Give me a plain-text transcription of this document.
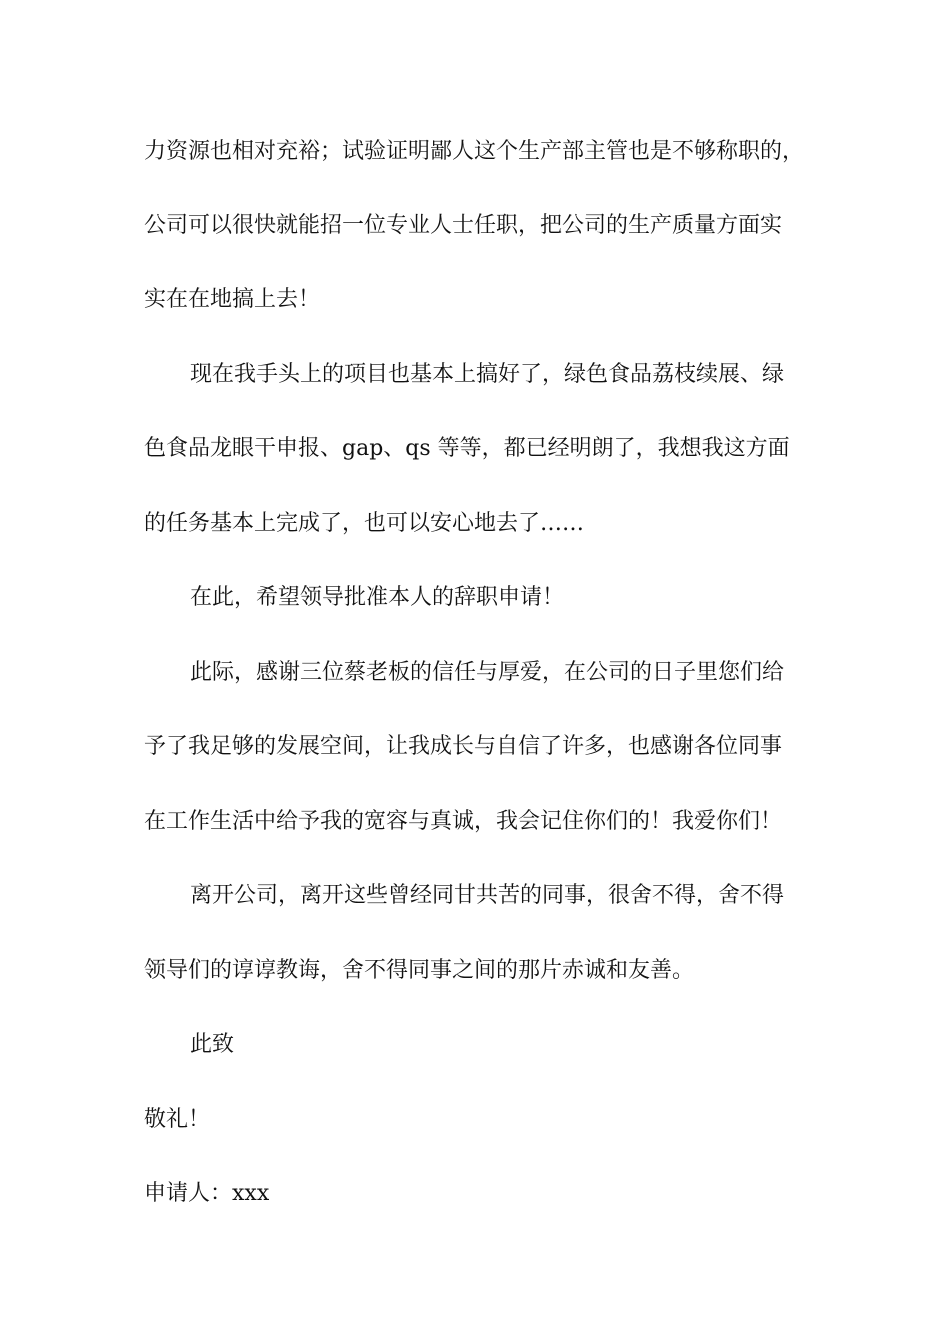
力资源也相对充裕；试验证明鄙人这个生产部主管也是不够称职的，

公司可以很快就能招一位专业人士任职，把公司的生产质量方面实

实在在地搞上去！

现在我手头上的项目也基本上搞好了，绿色食品荔枝续展、绿

色食品龙眼干申报、gap、qs 等等，都已经明朗了，我想我这方面

的任务基本上完成了，也可以安心地去了……

在此，希望领导批准本人的辞职申请！

此际，感谢三位蔡老板的信任与厚爱，在公司的日子里您们给

予了我足够的发展空间，让我成长与自信了许多，也感谢各位同事

在工作生活中给予我的宽容与真诚，我会记住你们的！我爱你们！

离开公司，离开这些曾经同甘共苦的同事，很舍不得，舍不得

领导们的谆谆教诲，舍不得同事之间的那片赤诚和友善。

此致

敬礼！

申请人：xxx
